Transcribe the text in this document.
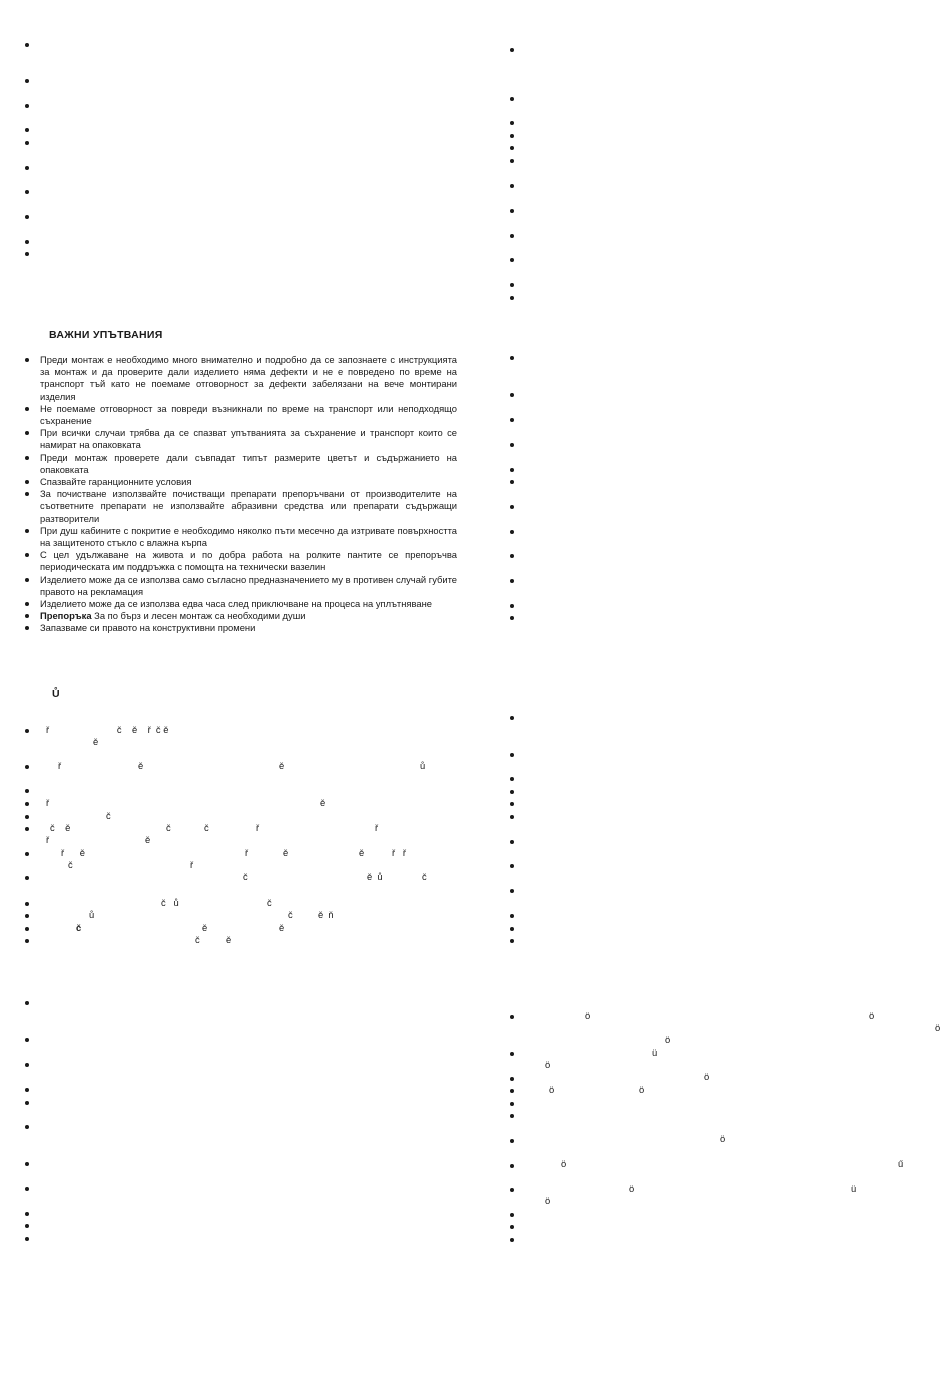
ВАЖНИ УПЪТВАНИЯ
Преди монтаж е необходимо много внимателно и подробно да се запознаете с инструкцията за монтаж и да проверите дали изделието няма дефекти и не е повредено по време на транспорт тъй като не поемаме отговорност за дефекти забелязани на вече монтирани изделия
Не поемаме отговорност за повреди възникнали по време на транспорт или неподходящо съхранение
При всички случаи трябва да се спазват упътванията за съхранение и транспорт които се намират на опаковката
Преди монтаж проверете дали съвпадат типът размерите цветът и съдържанието на опаковката
Спазвайте гаранционните условия
За почистване използвайте почистващи препарати препоръчвани от производителите на съответните препарати не използвайте абразивни средства или препарати съдържащи разтворители
При душ кабините с покритие е необходимо няколко пъти месечно да изтривате повърхността на защитеното стъкло с влажна кърпа
С цел удължаване на живота и по добра работа на ролките пантите се препоръчва периодическата им поддръжка с помощта на технически вазелин
Изделието може да се използва само съгласно предназначението му в противен случай губите правото на рекламация
Изделието може да се използва едва часа след приключване на процеса на уплътняване
Препоръка За по бърз и лесен монтаж са необходими души
Запазваме си правото на конструктивни промени
Ů
ř                          č    ě    ř  č ě
ě
ř	ě	ě	ů
ř	ě
č
č    ě	č	č	ř	ř
ř	ě
ř      ě	ř	ě	ě	ř   ř
č	ř
č	ě  ů	č
č   ů	č
ů	č	ě  ň
č	ě	ě
č	ě
ö	ö
ö
ö
ü
ö
ö
ö	ö
ö
ö	ű
ö	ü
ö
